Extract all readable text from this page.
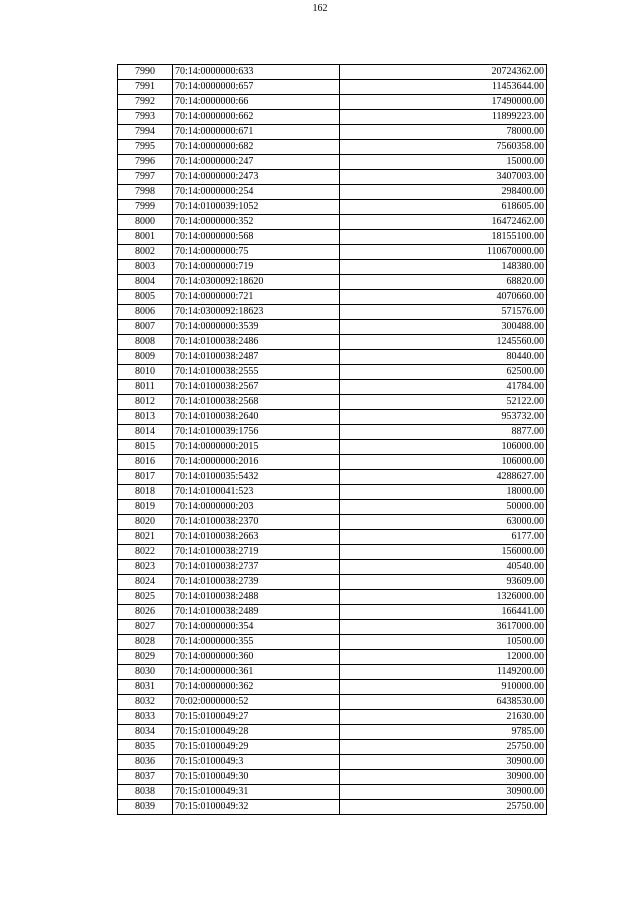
162
7990	70:14:0000000:633	20724362.00
7991	70:14:0000000:657	11453644.00
7992	70:14:0000000:66	17490000.00
7993	70:14:0000000:662	11899223.00
7994	70:14:0000000:671	78000.00
7995	70:14:0000000:682	7560358.00
7996	70:14:0000000:247	15000.00
7997	70:14:0000000:2473	3407003.00
7998	70:14:0000000:254	298400.00
7999	70:14:0100039:1052	618605.00
8000	70:14:0000000:352	16472462.00
8001	70:14:0000000:568	18155100.00
8002	70:14:0000000:75	110670000.00
8003	70:14:0000000:719	148380.00
8004	70:14:0300092:18620	68820.00
8005	70:14:0000000:721	4070660.00
8006	70:14:0300092:18623	571576.00
8007	70:14:0000000:3539	300488.00
8008	70:14:0100038:2486	1245560.00
8009	70:14:0100038:2487	80440.00
8010	70:14:0100038:2555	62500.00
8011	70:14:0100038:2567	41784.00
8012	70:14:0100038:2568	52122.00
8013	70:14:0100038:2640	953732.00
8014	70:14:0100039:1756	8877.00
8015	70:14:0000000:2015	106000.00
8016	70:14:0000000:2016	106000.00
8017	70:14:0100035:5432	4288627.00
8018	70:14:0100041:523	18000.00
8019	70:14:0000000:203	50000.00
8020	70:14:0100038:2370	63000.00
8021	70:14:0100038:2663	6177.00
8022	70:14:0100038:2719	156000.00
8023	70:14:0100038:2737	40540.00
8024	70:14:0100038:2739	93609.00
8025	70:14:0100038:2488	1326000.00
8026	70:14:0100038:2489	166441.00
8027	70:14:0000000:354	3617000.00
8028	70:14:0000000:355	10500.00
8029	70:14:0000000:360	12000.00
8030	70:14:0000000:361	1149200.00
8031	70:14:0000000:362	910000.00
8032	70:02:0000000:52	6438530.00
8033	70:15:0100049:27	21630.00
8034	70:15:0100049:28	9785.00
8035	70:15:0100049:29	25750.00
8036	70:15:0100049:3	30900.00
8037	70:15:0100049:30	30900.00
8038	70:15:0100049:31	30900.00
8039	70:15:0100049:32	25750.00
